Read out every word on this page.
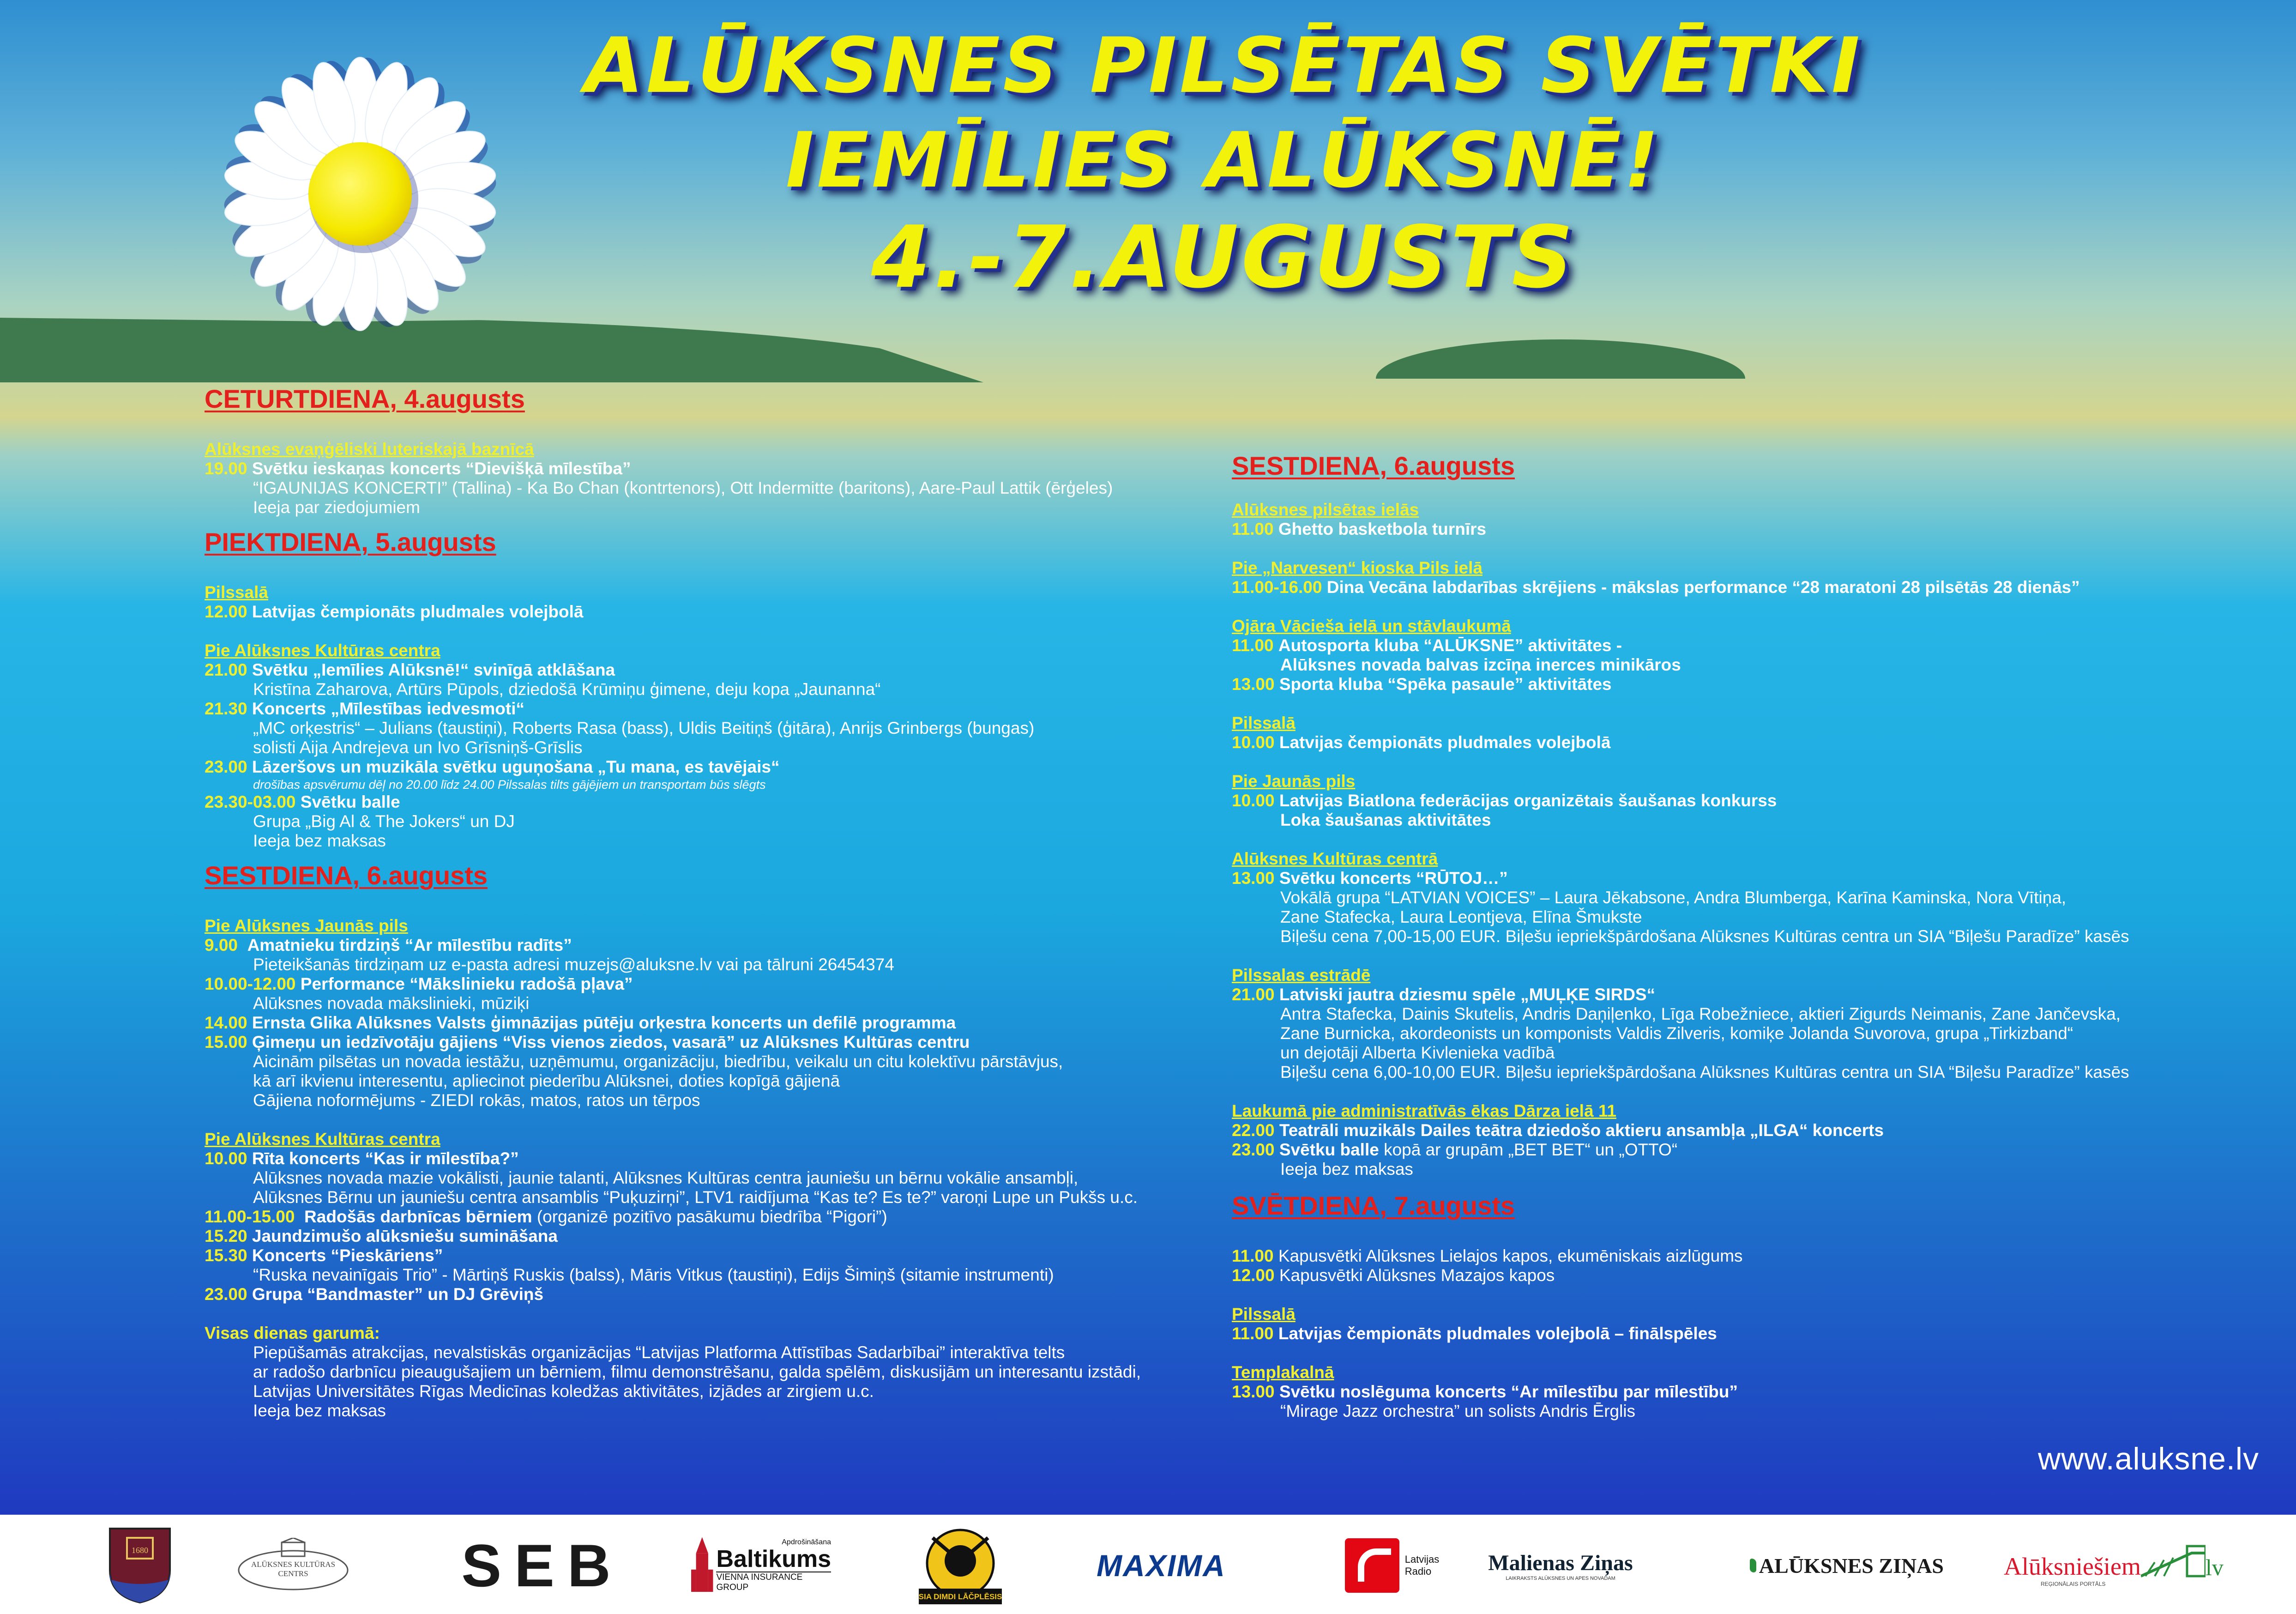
ALŪKSNES PILSĒTAS SVĒTKI
IEMĪLIES ALŪKSNĒ!
4.-7.AUGUSTS
CETURTDIENA, 4.augusts
Alūksnes evaņģēliski luteriskajā baznīcā
19.00 Svētku ieskaņas koncerts “Dievišķā mīlestība”
“IGAUNIJAS KONCERTI” (Tallina) - Ka Bo Chan (kontrtenors), Ott Indermitte (baritons), Aare-Paul Lattik (ērģeles)
Ieeja par ziedojumiem
PIEKTDIENA, 5.augusts
Pilssalā
12.00 Latvijas čempionāts pludmales volejbolā
Pie Alūksnes Kultūras centra
21.00 Svētku „Iemīlies Alūksnē!“ svinīgā atklāšana
Kristīna Zaharova, Artūrs Pūpols, dziedošā Krūmiņu ģimene, deju kopa „Jaunanna“
21.30 Koncerts „Mīlestības iedvesmoti“
„MC orķestris“ – Julians (taustiņi), Roberts Rasa (bass), Uldis Beitiņš (ģitāra), Anrijs Grinbergs (bungas)
solisti Aija Andrejeva un Ivo Grīsniņš-Grīslis
23.00 Lāzeršovs un muzikāla svētku uguņošana „Tu mana, es tavējais“
drošības apsvērumu dēļ no 20.00 līdz 24.00 Pilssalas tilts gājējiem un transportam būs slēgts
23.30-03.00 Svētku balle
Grupa „Big Al & The Jokers“ un DJ
Ieeja bez maksas
SESTDIENA, 6.augusts
Pie Alūksnes Jaunās pils
9.00 Amatnieku tirdziņš “Ar mīlestību radīts”
Pieteikšanās tirdziņam uz e-pasta adresi muzejs@aluksne.lv vai pa tālruni 26454374
10.00-12.00 Performance “Mākslinieku radošā pļava”
Alūksnes novada mākslinieki, mūziķi
14.00 Ernsta Glika Alūksnes Valsts ģimnāzijas pūtēju orķestra koncerts un defilē programma
15.00 Ģimeņu un iedzīvotāju gājiens “Viss vienos ziedos, vasarā” uz Alūksnes Kultūras centru
Aicinām pilsētas un novada iestāžu, uzņēmumu, organizāciju, biedrību, veikalu un citu kolektīvu pārstāvjus,
kā arī ikvienu interesentu, apliecinot piederību Alūksnei, doties kopīgā gājienā
Gājiena noformējums - ZIEDI rokās, matos, ratos un tērpos
Pie Alūksnes Kultūras centra
10.00 Rīta koncerts “Kas ir mīlestība?”
Alūksnes novada mazie vokālisti, jaunie talanti, Alūksnes Kultūras centra jauniešu un bērnu vokālie ansambļi,
Alūksnes Bērnu un jauniešu centra ansamblis “Puķuzirņi”, LTV1 raidījuma “Kas te? Es te?” varoņi Lupe un Pukšs u.c.
11.00-15.00 Radošās darbnīcas bērniem (organizē pozitīvo pasākumu biedrība “Pigori”)
15.20 Jaundzimušo alūksniešu sumināšana
15.30 Koncerts “Pieskāriens”
“Ruska nevainīgais Trio” - Mārtiņš Ruskis (balss), Māris Vitkus (taustiņi), Edijs Šimiņš (sitamie instrumenti)
23.00 Grupa “Bandmaster” un DJ Grēviņš
Visas dienas garumā:
Piepūšamās atrakcijas, nevalstiskās organizācijas “Latvijas Platforma Attīstības Sadarbībai” interaktīva telts
ar radošo darbnīcu pieaugušajiem un bērniem, filmu demonstrēšanu, galda spēlēm, diskusijām un interesantu izstādi,
Latvijas Universitātes Rīgas Medicīnas koledžas aktivitātes, izjādes ar zirgiem u.c.
Ieeja bez maksas
SESTDIENA, 6.augusts
Alūksnes pilsētas ielās
11.00 Ghetto basketbola turnīrs
Pie „Narvesen“ kioska Pils ielā
11.00-16.00 Dina Vecāna labdarības skrējiens - mākslas performance “28 maratoni 28 pilsētās 28 dienās”
Ojāra Vācieša ielā un stāvlaukumā
11.00 Autosporta kluba “ALŪKSNE” aktivitātes -
Alūksnes novada balvas izcīņa inerces minikāros
13.00 Sporta kluba “Spēka pasaule” aktivitātes
Pilssalā
10.00 Latvijas čempionāts pludmales volejbolā
Pie Jaunās pils
10.00 Latvijas Biatlona federācijas organizētais šaušanas konkurss
Loka šaušanas aktivitātes
Alūksnes Kultūras centrā
13.00 Svētku koncerts “RŪTOJ…”
Vokālā grupa “LATVIAN VOICES” – Laura Jēkabsone, Andra Blumberga, Karīna Kaminska, Nora Vītiņa,
Zane Stafecka, Laura Leontjeva, Elīna Šmukste
Biļešu cena 7,00-15,00 EUR. Biļešu iepriekšpārdošana Alūksnes Kultūras centra un SIA “Biļešu Paradīze” kasēs
Pilssalas estrādē
21.00 Latviski jautra dziesmu spēle „MUĻĶE SIRDS“
Antra Stafecka, Dainis Skutelis, Andris Daņiļenko, Līga Robežniece, aktieri Zigurds Neimanis, Zane Jančevska,
Zane Burnicka, akordeonists un komponists Valdis Zilveris, komiķe Jolanda Suvorova, grupa „Tirkizband“
un dejotāji Alberta Kivlenieka vadībā
Biļešu cena 6,00-10,00 EUR. Biļešu iepriekšpārdošana Alūksnes Kultūras centra un SIA “Biļešu Paradīze” kasēs
Laukumā pie administratīvās ēkas Dārza ielā 11
22.00 Teatrāli muzikāls Dailes teātra dziedošo aktieru ansambļa „ILGA“ koncerts
23.00 Svētku balle kopā ar grupām „BET BET“ un „OTTO“
Ieeja bez maksas
SVĒTDIENA, 7.augusts
11.00 Kapusvētki Alūksnes Lielajos kapos, ekumēniskais aizlūgums
12.00 Kapusvētki Alūksnes Mazajos kapos
Pilssalā
11.00 Latvijas čempionāts pludmales volejbolā – finālspēles
Templakalnā
13.00 Svētku noslēguma koncerts “Ar mīlestību par mīlestību”
“Mirage Jazz orchestra” un solists Andris Ērglis
www.aluksne.lv
1680
ALŪKSNES KULTŪRAS
CENTRS	SEB	Apdrošināšana
Baltikums
VIENNA INSURANCE GROUP
SIA DIMDI LĀČPLĒSIS
MAXIMA	Latvijas
Radio	Malienas Ziņas
LAIKRAKSTS ALŪKSNES UN APES NOVADAM
ALŪKSNES ZIŅAS Alūksniešiem	lv
REĢIONĀLAIS PORTĀLS
